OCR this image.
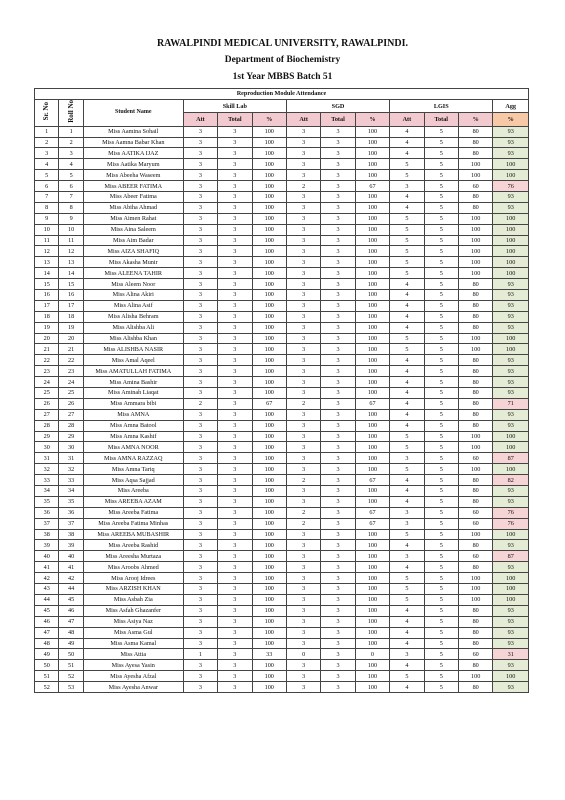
RAWALPINDI MEDICAL UNIVERSITY, RAWALPINDI.
Department of Biochemistry
1st Year MBBS Batch 51
Reproduction Module Attendance												
Sr. No	Roll No	Student Name	Skill Lab			SGD			LGIS			Agg
			Att	Total	%	Att	Total	%	Att	Total	%	%
1	1	Miss Aamina Sohail	3	3	100	3	3	100	4	5	80	93
2	2	Miss Aamna Babar Khan	3	3	100	3	3	100	4	5	80	93
3	3	Miss AATIKA IJAZ	3	3	100	3	3	100	4	5	80	93
4	4	Miss Aatika Maryum	3	3	100	3	3	100	5	5	100	100
5	5	Miss Abeeha Waseem	3	3	100	3	3	100	5	5	100	100
6	6	Miss ABEER FATIMA	3	3	100	2	3	67	3	5	60	76
7	7	Miss Abeer Fatima	3	3	100	3	3	100	4	5	80	93
8	8	Miss Abiha Ahmad	3	3	100	3	3	100	4	5	80	93
9	9	Miss Aimen Rahat	3	3	100	3	3	100	5	5	100	100
10	10	Miss Aina Saleem	3	3	100	3	3	100	5	5	100	100
11	11	Miss Aim Badar	3	3	100	3	3	100	5	5	100	100
12	12	Miss AIZA SHAFIQ	3	3	100	3	3	100	5	5	100	100
13	13	Miss Akasha Munir	3	3	100	3	3	100	5	5	100	100
14	14	Miss ALEENA TAHIR	3	3	100	3	3	100	5	5	100	100
15	15	Miss Aleem Noor	3	3	100	3	3	100	4	5	80	93
16	16	Miss Alina Akiri	3	3	100	3	3	100	4	5	80	93
17	17	Miss Alina Asif	3	3	100	3	3	100	4	5	80	93
18	18	Miss Alisha Behram	3	3	100	3	3	100	4	5	80	93
19	19	Miss Alishba Ali	3	3	100	3	3	100	4	5	80	93
20	20	Miss Alishba Khan	3	3	100	3	3	100	5	5	100	100
21	21	Miss ALISHBA NASIR	3	3	100	3	3	100	5	5	100	100
22	22	Miss Amal Aqeel	3	3	100	3	3	100	4	5	80	93
23	23	Miss AMATULLAH FATIMA	3	3	100	3	3	100	4	5	80	93
24	24	Miss Amina Bashir	3	3	100	3	3	100	4	5	80	93
25	25	Miss Aminah Liaqat	3	3	100	3	3	100	4	5	80	93
26	26	Miss Ammara bibi	2	3	67	2	3	67	4	5	80	71
27	27	Miss AMNA	3	3	100	3	3	100	4	5	80	93
28	28	Miss Amna Batool	3	3	100	3	3	100	4	5	80	93
29	29	Miss Amna Kashif	3	3	100	3	3	100	5	5	100	100
30	30	Miss AMNA NOOR	3	3	100	3	3	100	5	5	100	100
31	31	Miss AMNA RAZZAQ	3	3	100	3	3	100	3	5	60	87
32	32	Miss Amna Tariq	3	3	100	3	3	100	5	5	100	100
33	33	Miss Aqsa Sajjad	3	3	100	2	3	67	4	5	80	82
34	34	Miss Areeba	3	3	100	3	3	100	4	5	80	93
35	35	Miss AREEBA AZAM	3	3	100	3	3	100	4	5	80	93
36	36	Miss Areeba Fatima	3	3	100	2	3	67	3	5	60	76
37	37	Miss Areeba Fatima Minhas	3	3	100	2	3	67	3	5	60	76
38	38	Miss AREEBA MUBASHIR	3	3	100	3	3	100	5	5	100	100
39	39	Miss Areeba Rashid	3	3	100	3	3	100	4	5	80	93
40	40	Miss Areesha Murtaza	3	3	100	3	3	100	3	5	60	87
41	41	Miss Aroobs Ahmed	3	3	100	3	3	100	4	5	80	93
42	42	Miss Arooj Idrees	3	3	100	3	3	100	5	5	100	100
43	44	Miss ARZISH KHAN	3	3	100	3	3	100	5	5	100	100
44	45	Miss Asbah Zia	3	3	100	3	3	100	5	5	100	100
45	46	Miss Asfah Ghazanfer	3	3	100	3	3	100	4	5	80	93
46	47	Miss Asiya Naz	3	3	100	3	3	100	4	5	80	93
47	48	Miss Asma Gul	3	3	100	3	3	100	4	5	80	93
48	49	Miss Asma Kamal	3	3	100	3	3	100	4	5	80	93
49	50	Miss Attia	1	3	33	0	3	0	3	5	60	31
50	51	Miss Ayesa Yasin	3	3	100	3	3	100	4	5	80	93
51	52	Miss Ayesha Afzal	3	3	100	3	3	100	5	5	100	100
52	53	Miss Ayesha Anwar	3	3	100	3	3	100	4	5	80	93
